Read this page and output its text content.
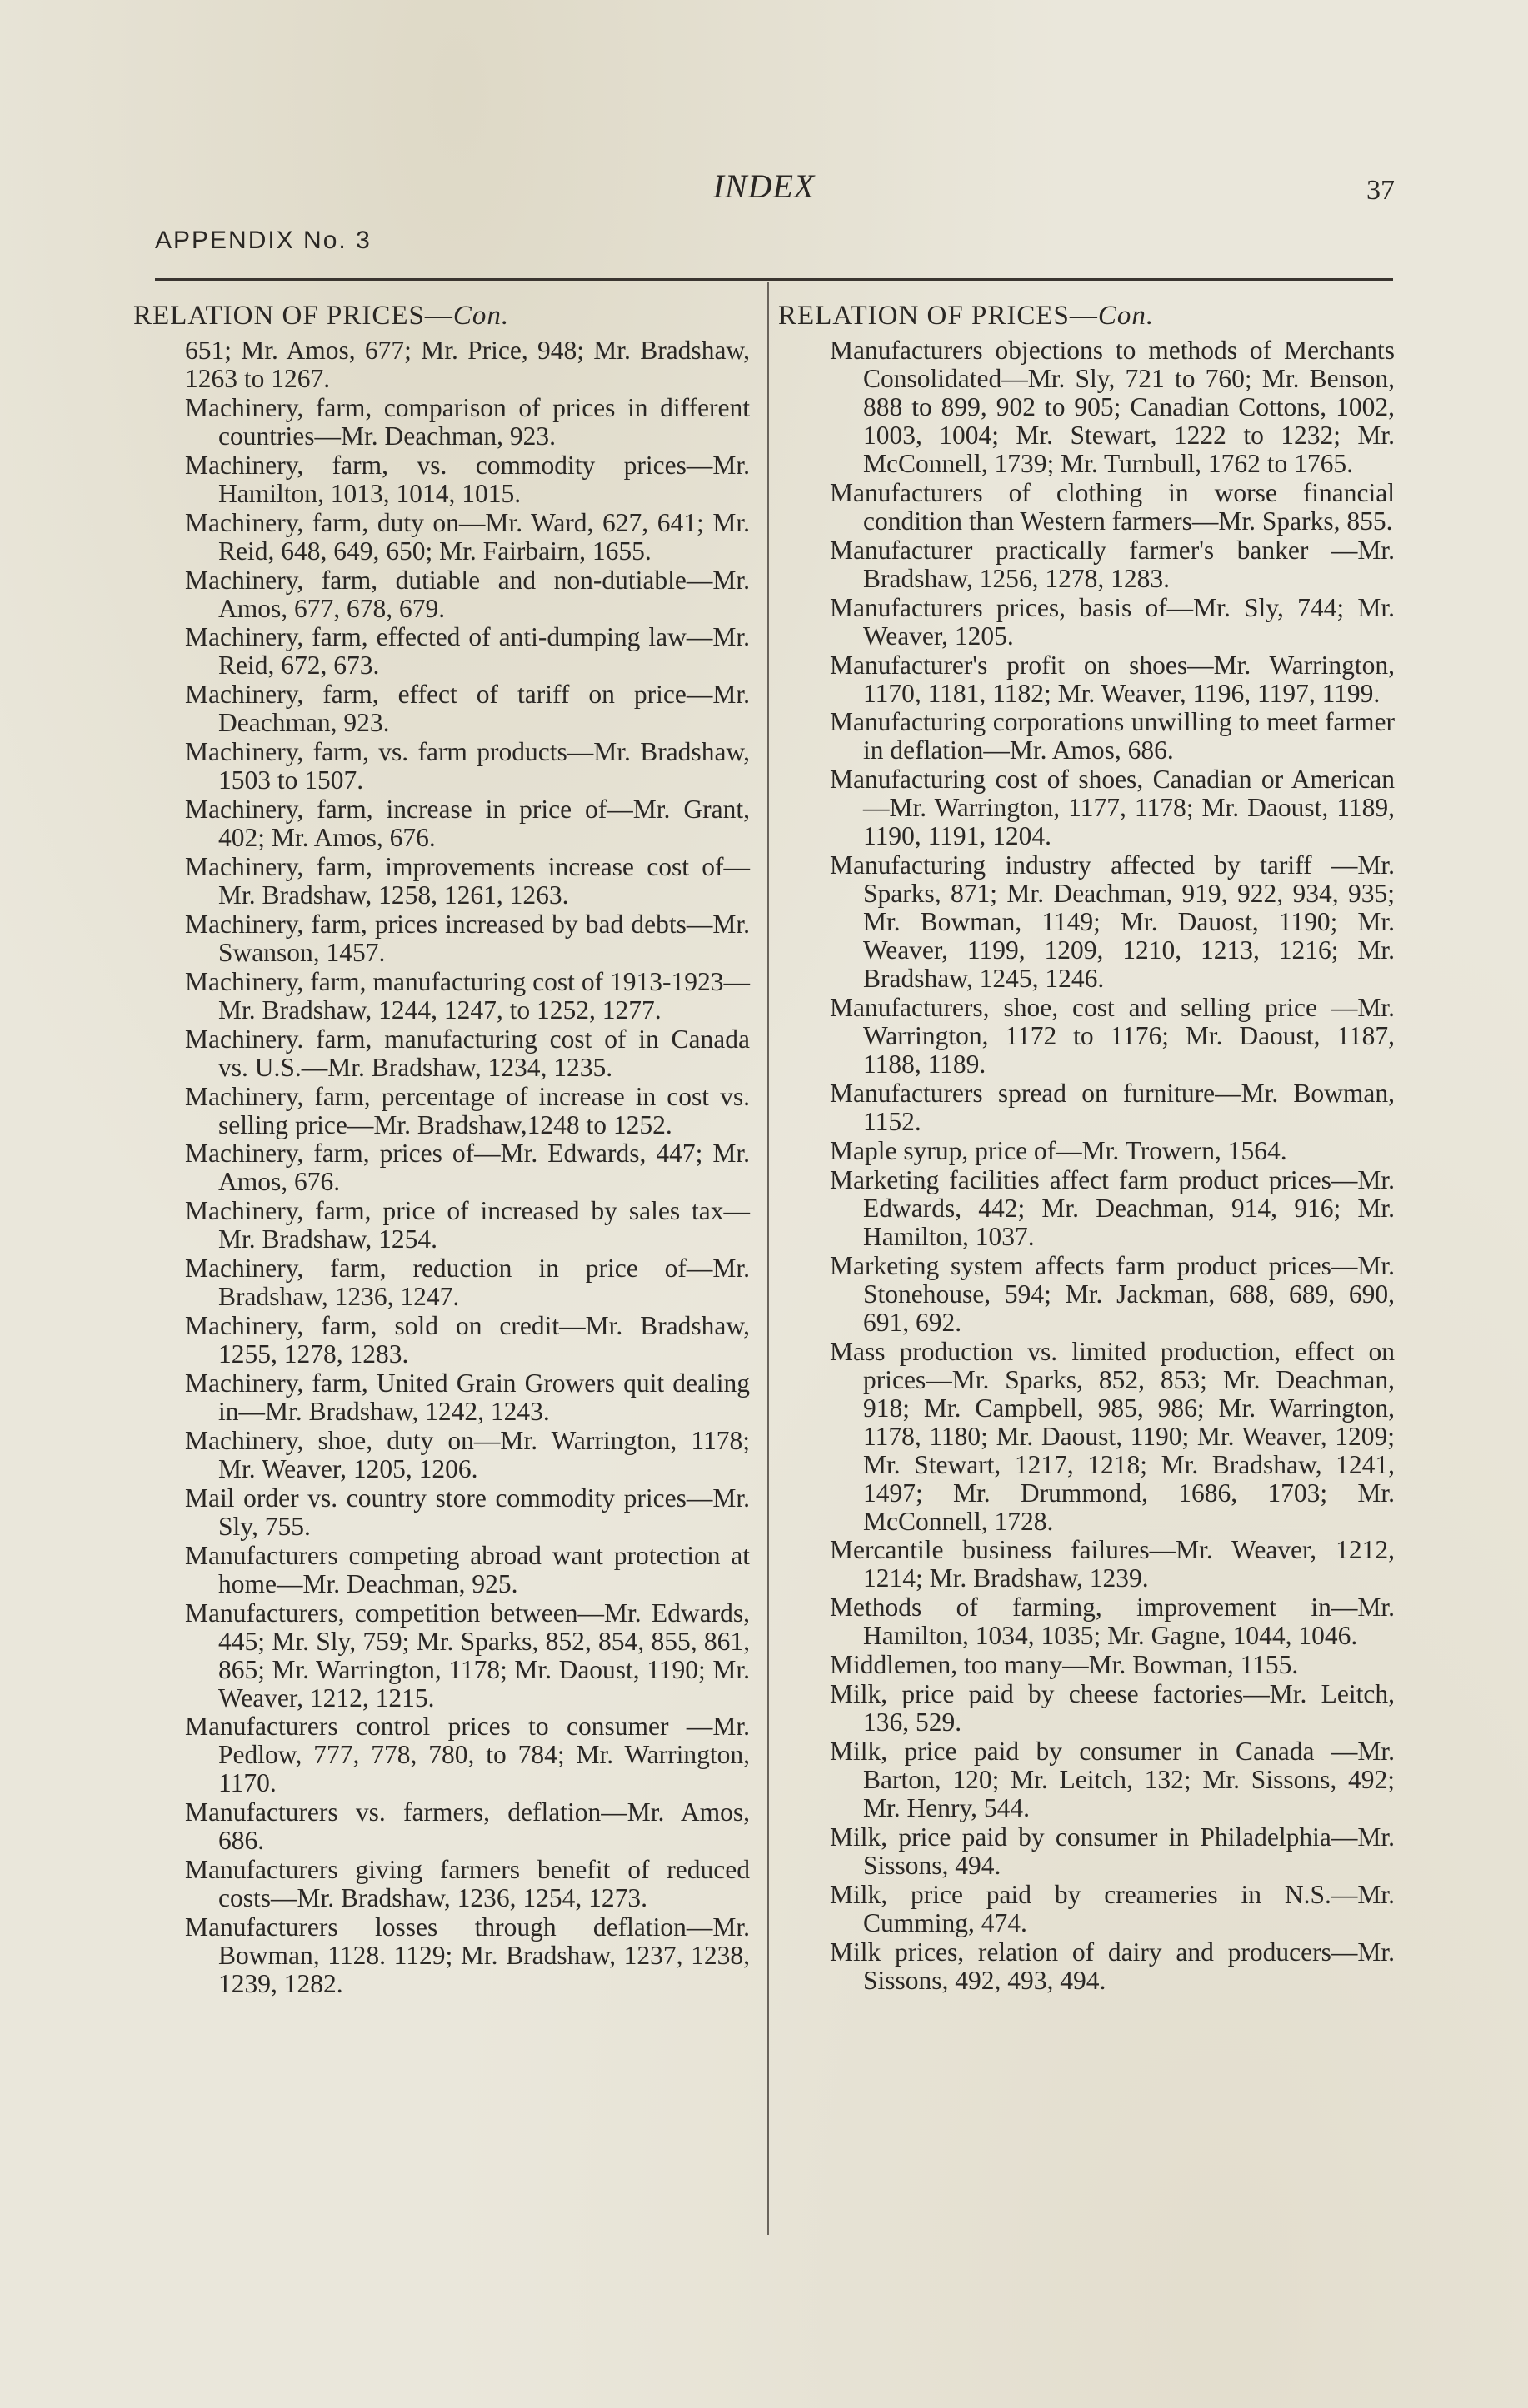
INDEX	37
APPENDIX No. 3
RELATION OF PRICES—Con.
651; Mr. Amos, 677; Mr. Price, 948; Mr. Bradshaw, 1263 to 1267.
Machinery, farm, comparison of prices in different countries—Mr. Deachman, 923.
Machinery, farm, vs. commodity prices—Mr. Hamilton, 1013, 1014, 1015.
Machinery, farm, duty on—Mr. Ward, 627, 641; Mr. Reid, 648, 649, 650; Mr. Fairbairn, 1655.
Machinery, farm, dutiable and non-dutiable—Mr. Amos, 677, 678, 679.
Machinery, farm, effected of anti-dumping law—Mr. Reid, 672, 673.
Machinery, farm, effect of tariff on price—Mr. Deachman, 923.
Machinery, farm, vs. farm products—Mr. Bradshaw, 1503 to 1507.
Machinery, farm, increase in price of—Mr. Grant, 402; Mr. Amos, 676.
Machinery, farm, improvements increase cost of—Mr. Bradshaw, 1258, 1261, 1263.
Machinery, farm, prices increased by bad debts—Mr. Swanson, 1457.
Machinery, farm, manufacturing cost of 1913-1923—Mr. Bradshaw, 1244, 1247, to 1252, 1277.
Machinery. farm, manufacturing cost of in Canada vs. U.S.—Mr. Bradshaw, 1234, 1235.
Machinery, farm, percentage of increase in cost vs. selling price—Mr. Bradshaw,1248 to 1252.
Machinery, farm, prices of—Mr. Edwards, 447; Mr. Amos, 676.
Machinery, farm, price of increased by sales tax—Mr. Bradshaw, 1254.
Machinery, farm, reduction in price of—Mr. Bradshaw, 1236, 1247.
Machinery, farm, sold on credit—Mr. Bradshaw, 1255, 1278, 1283.
Machinery, farm, United Grain Growers quit dealing in—Mr. Bradshaw, 1242, 1243.
Machinery, shoe, duty on—Mr. Warrington, 1178; Mr. Weaver, 1205, 1206.
Mail order vs. country store commodity prices—Mr. Sly, 755.
Manufacturers competing abroad want protection at home—Mr. Deachman, 925.
Manufacturers, competition between—Mr. Edwards, 445; Mr. Sly, 759; Mr. Sparks, 852, 854, 855, 861, 865; Mr. Warrington, 1178; Mr. Daoust, 1190; Mr. Weaver, 1212, 1215.
Manufacturers control prices to consumer —Mr. Pedlow, 777, 778, 780, to 784; Mr. Warrington, 1170.
Manufacturers vs. farmers, deflation—Mr. Amos, 686.
Manufacturers giving farmers benefit of reduced costs—Mr. Bradshaw, 1236, 1254, 1273.
Manufacturers losses through deflation—Mr. Bowman, 1128. 1129; Mr. Bradshaw, 1237, 1238, 1239, 1282.
RELATION OF PRICES—Con.
Manufacturers objections to methods of Merchants Consolidated—Mr. Sly, 721 to 760; Mr. Benson, 888 to 899, 902 to 905; Canadian Cottons, 1002, 1003, 1004; Mr. Stewart, 1222 to 1232; Mr. McConnell, 1739; Mr. Turnbull, 1762 to 1765.
Manufacturers of clothing in worse financial condition than Western farmers—Mr. Sparks, 855.
Manufacturer practically farmer's banker —Mr. Bradshaw, 1256, 1278, 1283.
Manufacturers prices, basis of—Mr. Sly, 744; Mr. Weaver, 1205.
Manufacturer's profit on shoes—Mr. Warrington, 1170, 1181, 1182; Mr. Weaver, 1196, 1197, 1199.
Manufacturing corporations unwilling to meet farmer in deflation—Mr. Amos, 686.
Manufacturing cost of shoes, Canadian or American—Mr. Warrington, 1177, 1178; Mr. Daoust, 1189, 1190, 1191, 1204.
Manufacturing industry affected by tariff —Mr. Sparks, 871; Mr. Deachman, 919, 922, 934, 935; Mr. Bowman, 1149; Mr. Dauost, 1190; Mr. Weaver, 1199, 1209, 1210, 1213, 1216; Mr. Bradshaw, 1245, 1246.
Manufacturers, shoe, cost and selling price —Mr. Warrington, 1172 to 1176; Mr. Daoust, 1187, 1188, 1189.
Manufacturers spread on furniture—Mr. Bowman, 1152.
Maple syrup, price of—Mr. Trowern, 1564.
Marketing facilities affect farm product prices—Mr. Edwards, 442; Mr. Deachman, 914, 916; Mr. Hamilton, 1037.
Marketing system affects farm product prices—Mr. Stonehouse, 594; Mr. Jackman, 688, 689, 690, 691, 692.
Mass production vs. limited production, effect on prices—Mr. Sparks, 852, 853; Mr. Deachman, 918; Mr. Campbell, 985, 986; Mr. Warrington, 1178, 1180; Mr. Daoust, 1190; Mr. Weaver, 1209; Mr. Stewart, 1217, 1218; Mr. Bradshaw, 1241, 1497; Mr. Drummond, 1686, 1703; Mr. McConnell, 1728.
Mercantile business failures—Mr. Weaver, 1212, 1214; Mr. Bradshaw, 1239.
Methods of farming, improvement in—Mr. Hamilton, 1034, 1035; Mr. Gagne, 1044, 1046.
Middlemen, too many—Mr. Bowman, 1155.
Milk, price paid by cheese factories—Mr. Leitch, 136, 529.
Milk, price paid by consumer in Canada —Mr. Barton, 120; Mr. Leitch, 132; Mr. Sissons, 492; Mr. Henry, 544.
Milk, price paid by consumer in Philadelphia—Mr. Sissons, 494.
Milk, price paid by creameries in N.S.—Mr. Cumming, 474.
Milk prices, relation of dairy and producers—Mr. Sissons, 492, 493, 494.
